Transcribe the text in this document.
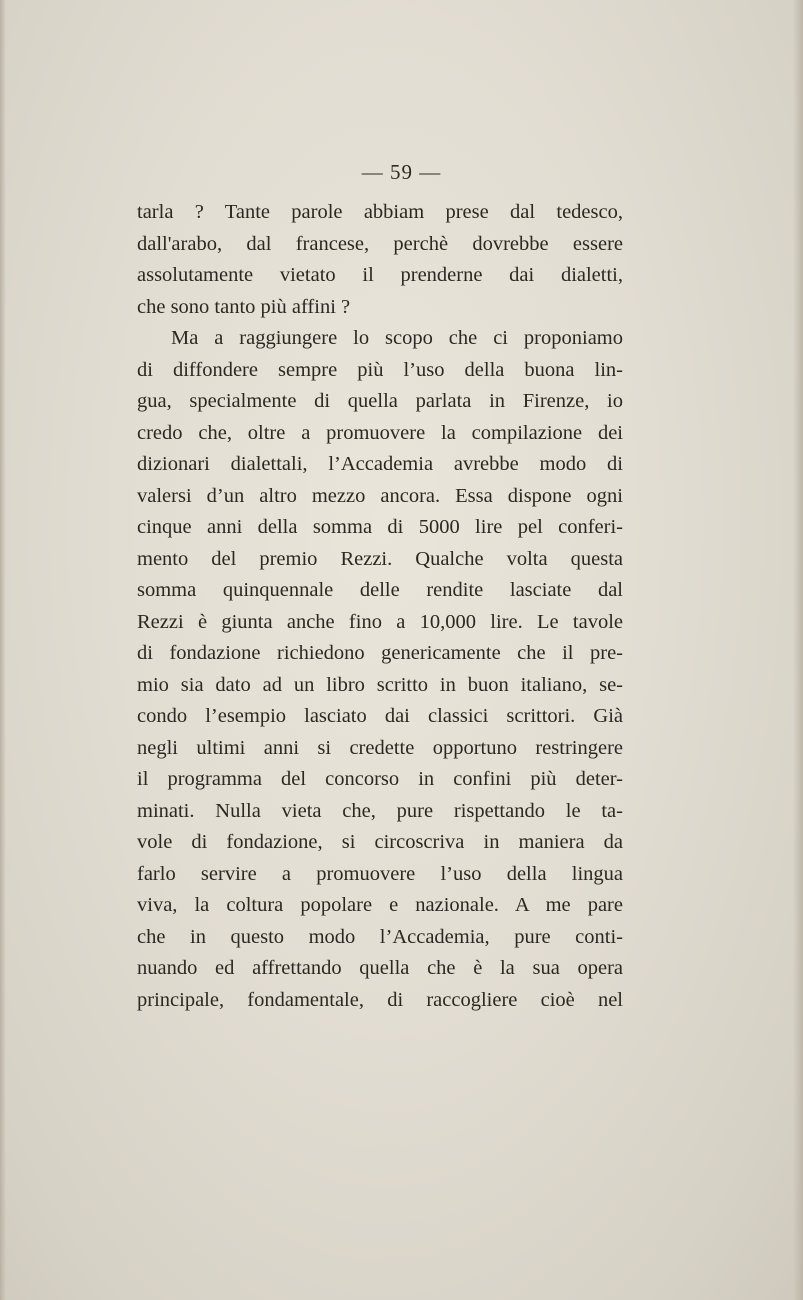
— 59 —
tarla ? Tante parole abbiam prese dal tedesco,
dall'arabo, dal francese, perchè dovrebbe essere
assolutamente vietato il prenderne dai dialetti,
che sono tanto più affini ?
Ma a raggiungere lo scopo che ci proponiamo
di diffondere sempre più l’uso della buona lin-
gua, specialmente di quella parlata in Firenze, io
credo che, oltre a promuovere la compilazione dei
dizionari dialettali, l’Accademia avrebbe modo di
valersi d’un altro mezzo ancora. Essa dispone ogni
cinque anni della somma di 5000 lire pel conferi-
mento del premio Rezzi. Qualche volta questa
somma quinquennale delle rendite lasciate dal
Rezzi è giunta anche fino a 10,000 lire. Le tavole
di fondazione richiedono genericamente che il pre-
mio sia dato ad un libro scritto in buon italiano, se-
condo l’esempio lasciato dai classici scrittori. Già
negli ultimi anni si credette opportuno restringere
il programma del concorso in confini più deter-
minati. Nulla vieta che, pure rispettando le ta-
vole di fondazione, si circoscriva in maniera da
farlo servire a promuovere l’uso della lingua
viva, la coltura popolare e nazionale. A me pare
che in questo modo l’Accademia, pure conti-
nuando ed affrettando quella che è la sua opera
principale, fondamentale, di raccogliere cioè nel
